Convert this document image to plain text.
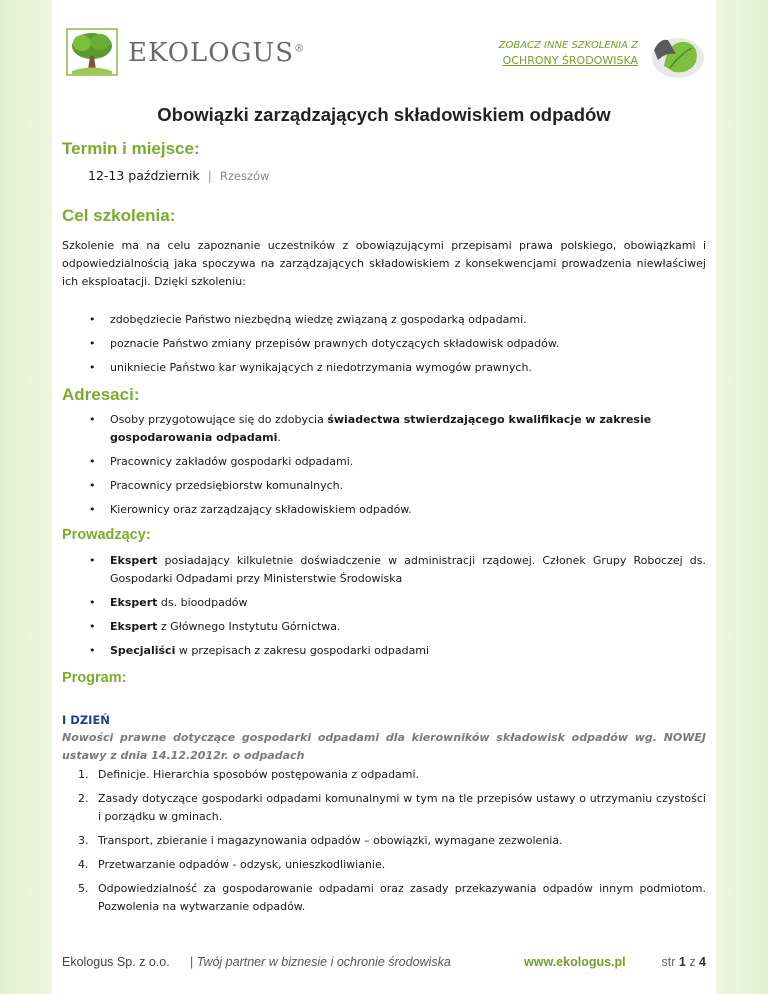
EKOLOGUS®	ZOBACZ INNE SZKOLENIA Z
OCHRONY ŚRODOWISKA
Obowiązki zarządzających składowiskiem odpadów
Termin i miejsce:
12-13 październik | Rzeszów
Cel szkolenia:
Szkolenie ma na celu zapoznanie uczestników z obowiązującymi przepisami prawa polskiego, obowiązkami i odpowiedzialnością jaka spoczywa na zarządzających składowiskiem z konsekwencjami prowadzenia niewłaściwej ich eksploatacji. Dzięki szkoleniu:
• zdobędziecie Państwo niezbędną wiedzę związaną z gospodarką odpadami.
• poznacie Państwo zmiany przepisów prawnych dotyczących składowisk odpadów.
• unikniecie Państwo kar wynikających z niedotrzymania wymogów prawnych.
Adresaci:
• Osoby przygotowujące się do zdobycia świadectwa stwierdzającego kwalifikacje w zakresie gospodarowania odpadami.
• Pracownicy zakładów gospodarki odpadami.
• Pracownicy przedsiębiorstw komunalnych.
• Kierownicy oraz zarządzający składowiskiem odpadów.
Prowadzący:
• Ekspert posiadający kilkuletnie doświadczenie w administracji rządowej. Członek Grupy Roboczej ds. Gospodarki Odpadami przy Ministerstwie Środowiska
• Ekspert ds. bioodpadów
• Ekspert z Głównego Instytutu Górnictwa.
• Specjaliści w przepisach z zakresu gospodarki odpadami
Program:
I DZIEŃ
Nowości prawne dotyczące gospodarki odpadami dla kierowników składowisk odpadów wg. NOWEJ ustawy z dnia 14.12.2012r. o odpadach
1. Definicje. Hierarchia sposobów postępowania z odpadami.
2. Zasady dotyczące gospodarki odpadami komunalnymi w tym na tle przepisów ustawy o utrzymaniu czystości i porządku w gminach.
3. Transport, zbieranie i magazynowania odpadów – obowiązki, wymagane zezwolenia.
4. Przetwarzanie odpadów - odzysk, unieszkodliwianie.
5. Odpowiedzialność za gospodarowanie odpadami oraz zasady przekazywania odpadów innym podmiotom. Pozwolenia na wytwarzanie odpadów.
Ekologus Sp. z o.o. | Twój partner w biznesie i ochronie środowiska	www.ekologus.pl	str 1 z 4
